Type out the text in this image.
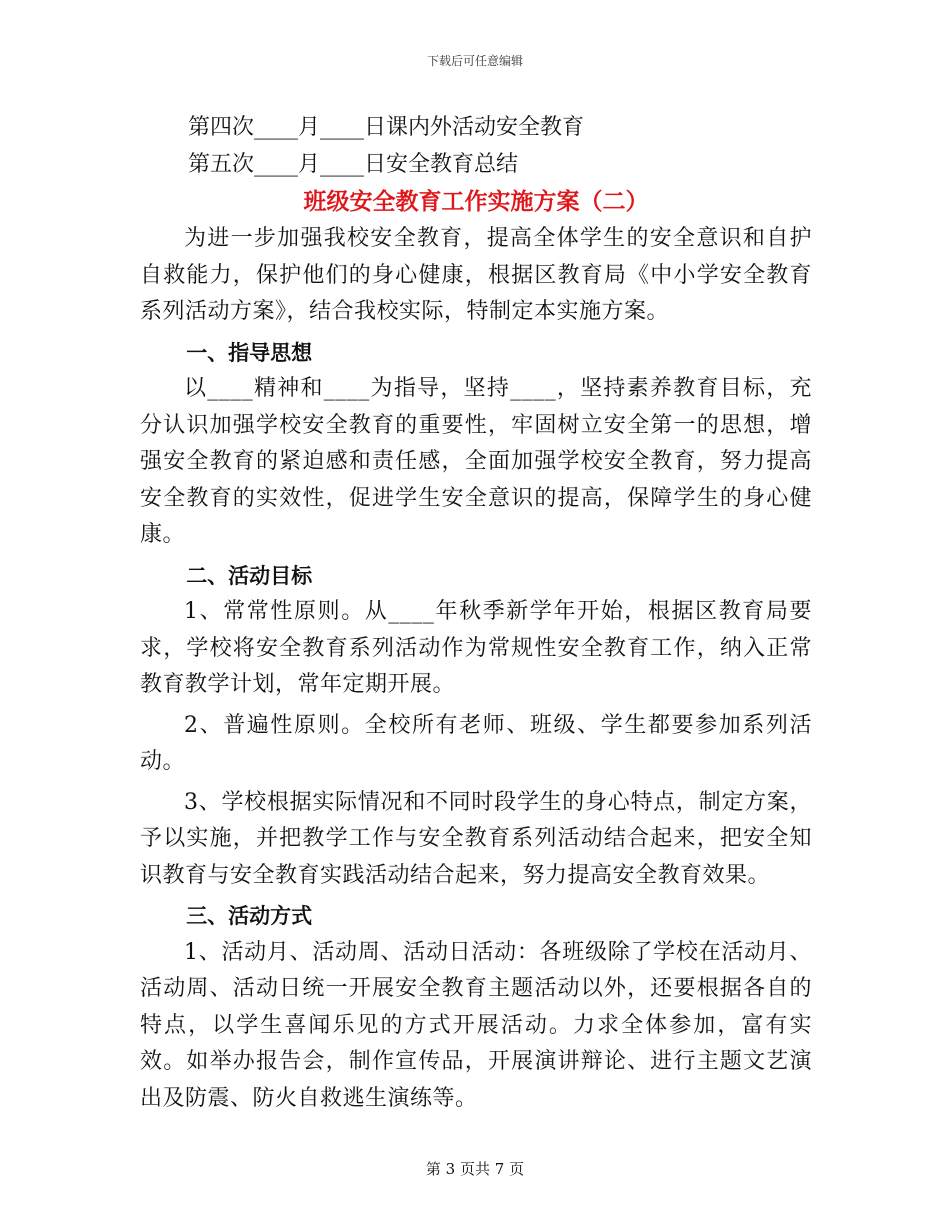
下载后可任意编辑

第四次____月____日课内外活动安全教育

第五次____月____日安全教育总结

班级安全教育工作实施方案（二）

为进一步加强我校安全教育，提高全体学生的安全意识和自护自救能力，保护他们的身心健康，根据区教育局《中小学安全教育系列活动方案》，结合我校实际，特制定本实施方案。

一、指导思想

以____精神和____为指导，坚持____，坚持素养教育目标，充分认识加强学校安全教育的重要性，牢固树立安全第一的思想，增强安全教育的紧迫感和责任感，全面加强学校安全教育，努力提高安全教育的实效性，促进学生安全意识的提高，保障学生的身心健康。

二、活动目标

1、常常性原则。从____年秋季新学年开始，根据区教育局要求，学校将安全教育系列活动作为常规性安全教育工作，纳入正常教育教学计划，常年定期开展。

2、普遍性原则。全校所有老师、班级、学生都要参加系列活动。

3、学校根据实际情况和不同时段学生的身心特点，制定方案，予以实施，并把教学工作与安全教育系列活动结合起来，把安全知识教育与安全教育实践活动结合起来，努力提高安全教育效果。

三、活动方式

1、活动月、活动周、活动日活动：各班级除了学校在活动月、活动周、活动日统一开展安全教育主题活动以外，还要根据各自的特点，以学生喜闻乐见的方式开展活动。力求全体参加，富有实效。如举办报告会，制作宣传品，开展演讲辩论、进行主题文艺演出及防震、防火自救逃生演练等。

第 3 页共 7 页
